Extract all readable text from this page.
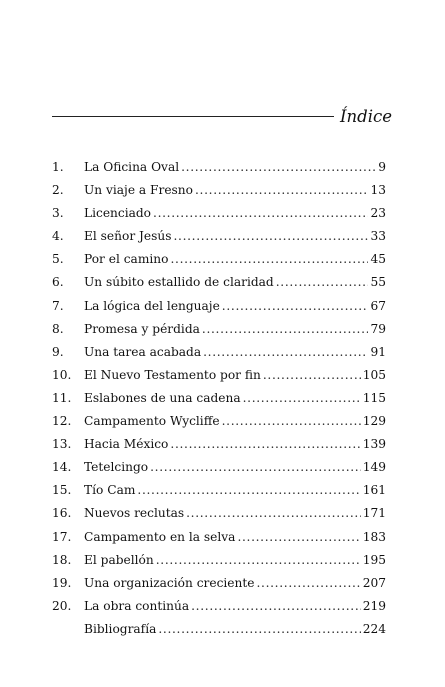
Índice
1.	La Oficina Oval . . .	9
2.	Un viaje a Fresno . . .	13
3.	Licenciado . . .	23
4.	El señor Jesús . . .	33
5.	Por el camino . . .	45
6.	Un súbito estallido de claridad . . .	55
7.	La lógica del lenguaje . . .	67
8.	Promesa y pérdida . . .	79
9.	Una tarea acabada . . .	91
10.	El Nuevo Testamento por fin . . .	105
11.	Eslabones de una cadena . . .	115
12.	Campamento Wycliffe . . .	129
13.	Hacia México . . .	139
14.	Tetelcingo . . .	149
15.	Tío Cam . . .	161
16.	Nuevos reclutas . . .	171
17.	Campamento en la selva . . .	183
18.	El pabellón . . .	195
19.	Una organización creciente . . .	207
20.	La obra continúa . . .	219
Bibliografía . . .	224
